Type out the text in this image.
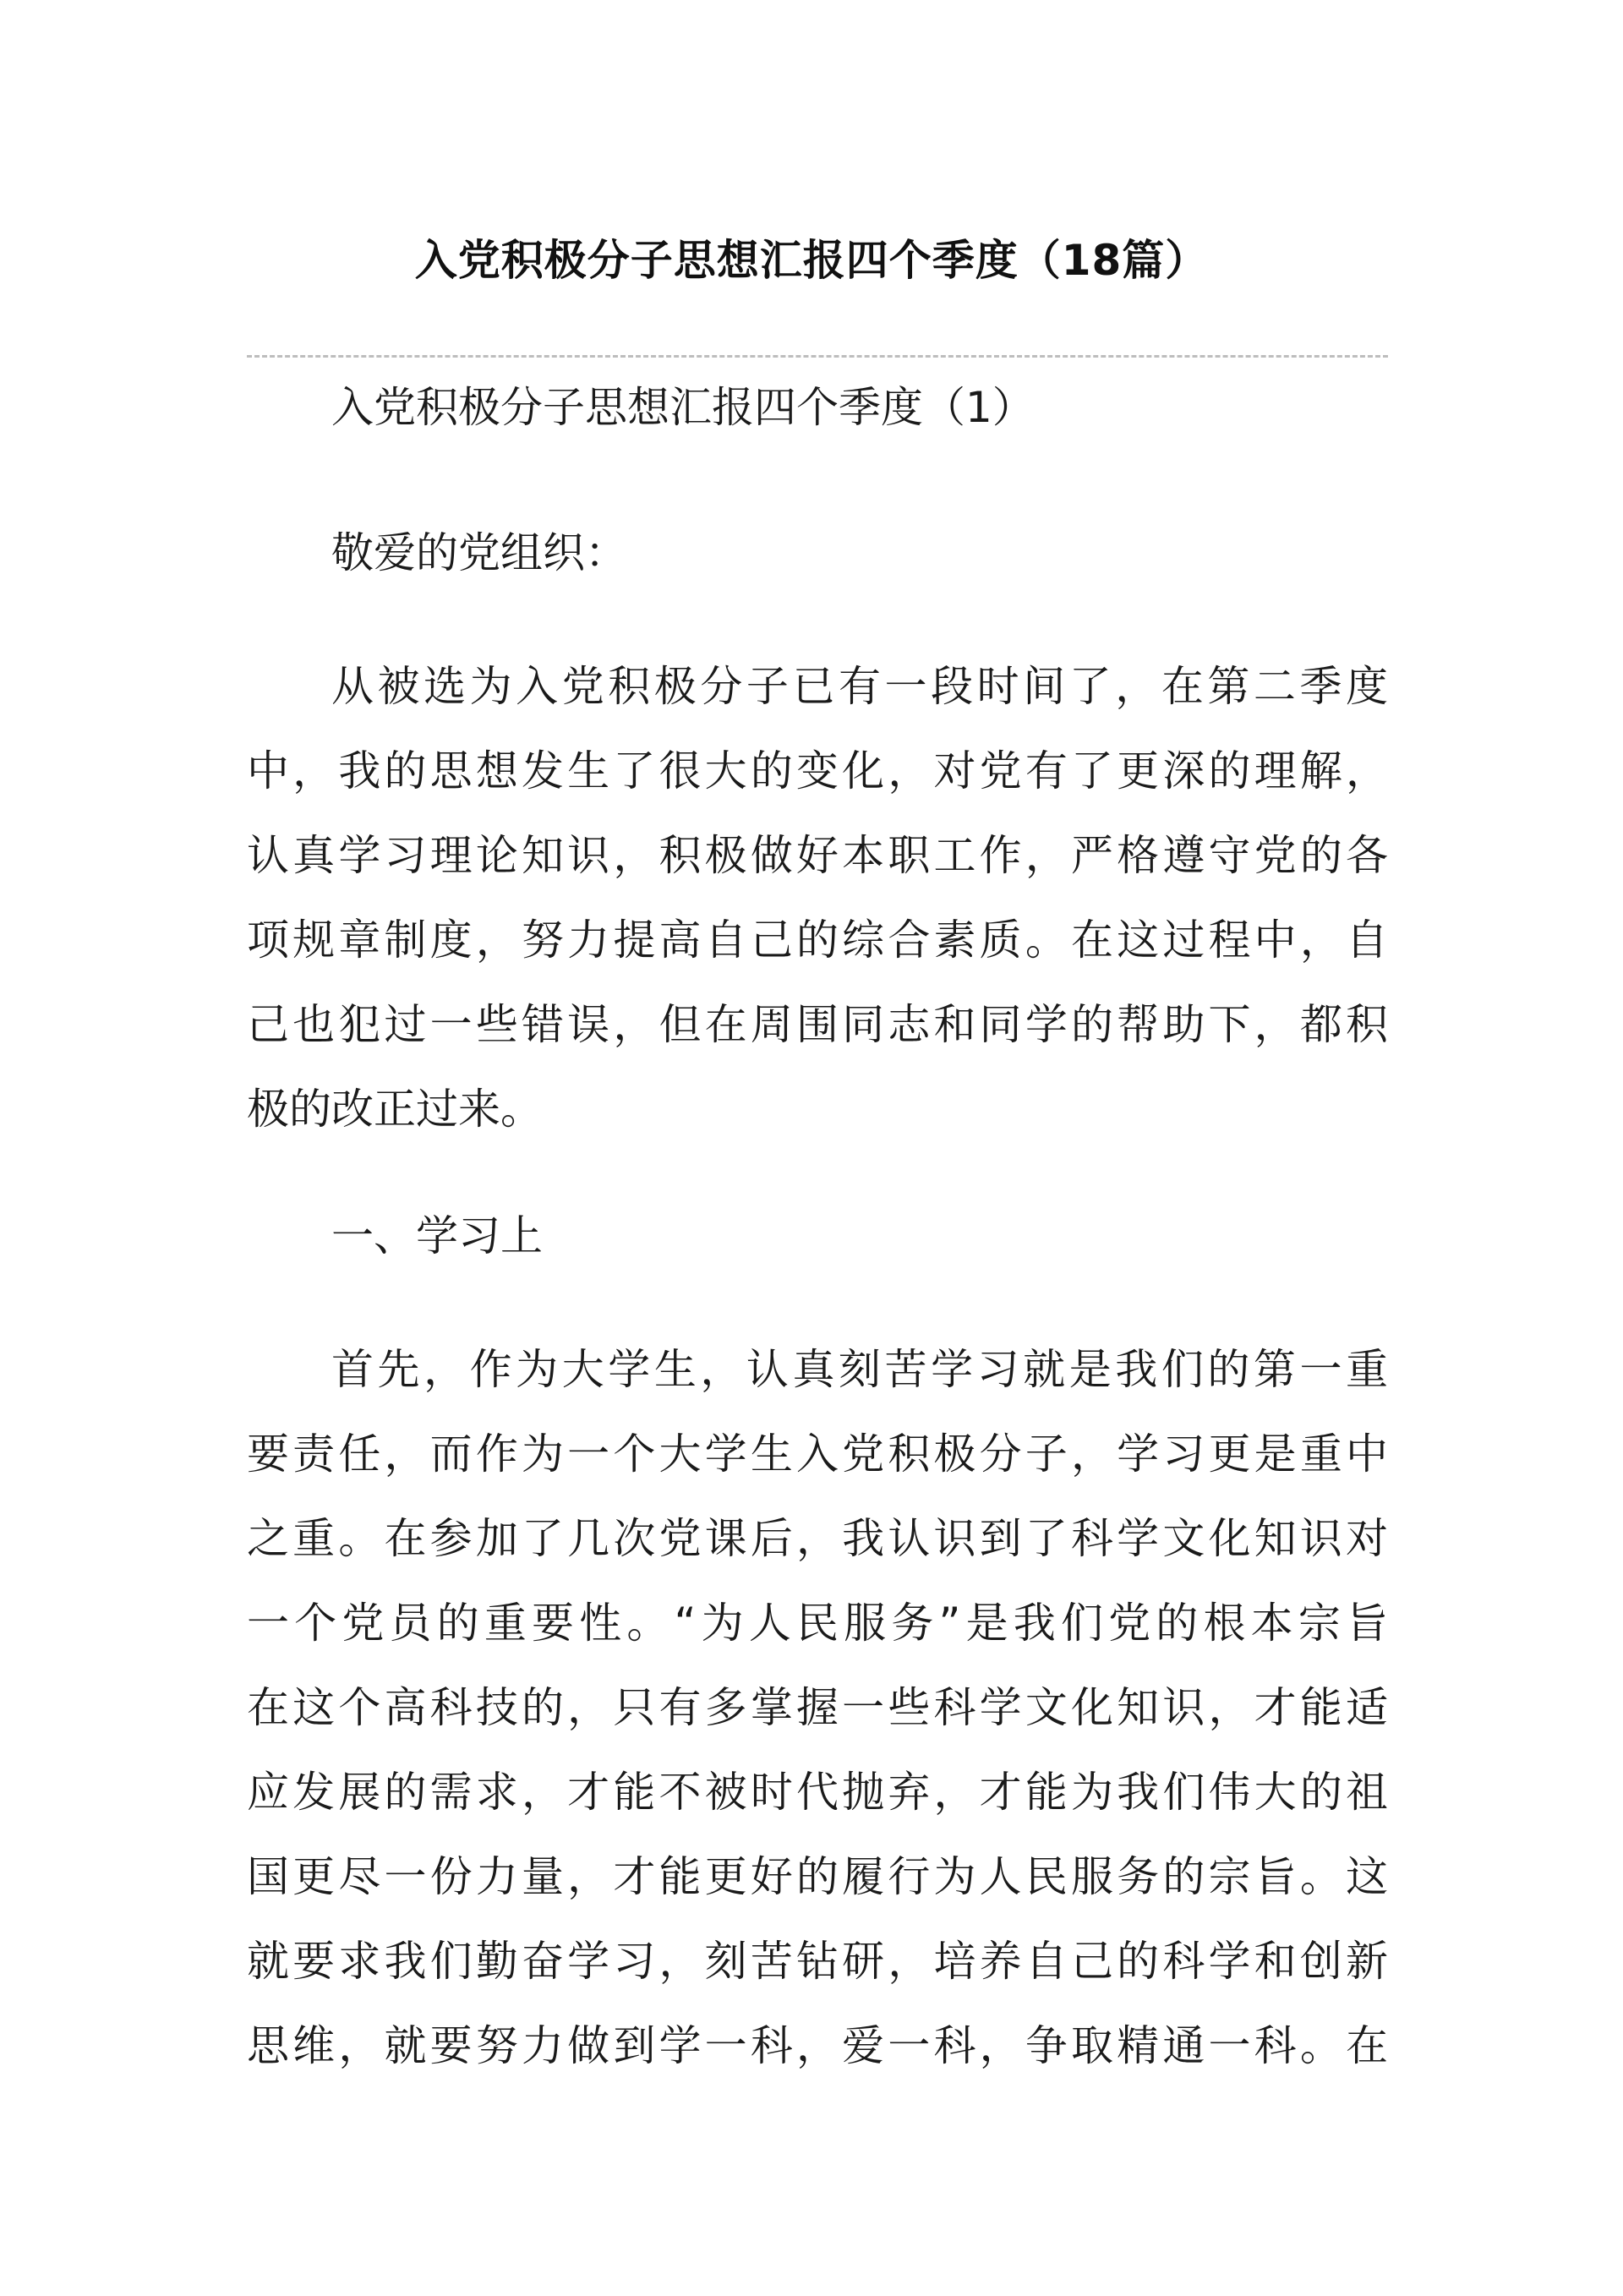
入党积极分子思想汇报四个季度（18篇）

入党积极分子思想汇报四个季度（1）

敬爱的党组织：

从被选为入党积极分子已有一段时间了，在第二季度
中，我的思想发生了很大的变化，对党有了更深的理解，
认真学习理论知识，积极做好本职工作，严格遵守党的各
项规章制度，努力提高自己的综合素质。在这过程中，自
己也犯过一些错误，但在周围同志和同学的帮助下，都积
极的改正过来。

一、学习上

首先，作为大学生，认真刻苦学习就是我们的第一重
要责任，而作为一个大学生入党积极分子，学习更是重中
之重。在参加了几次党课后，我认识到了科学文化知识对
一个党员的重要性。“为人民服务”是我们党的根本宗旨
在这个高科技的，只有多掌握一些科学文化知识，才能适
应发展的需求，才能不被时代抛弃，才能为我们伟大的祖
国更尽一份力量，才能更好的履行为人民服务的宗旨。这
就要求我们勤奋学习，刻苦钻研，培养自己的科学和创新
思维，就要努力做到学一科，爱一科，争取精通一科。在
